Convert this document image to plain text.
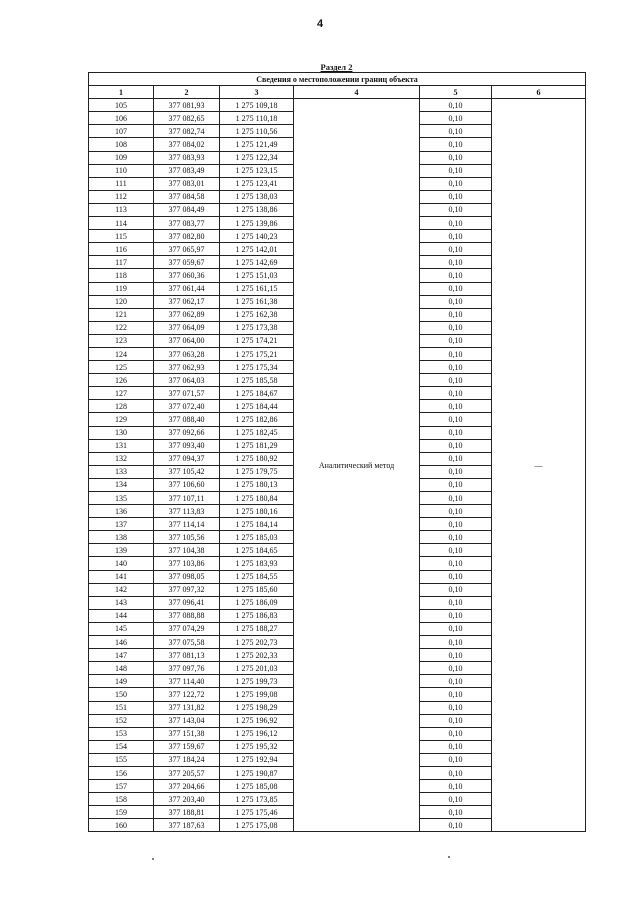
4
Раздел 2
Сведения о местоположении границ объекта					
1	2	3	4	5	6
105	377 081,93	1 275 109,18	Аналитический метод	0,10	—
106	377 082,65	1 275 110,18		0,10	
107	377 082,74	1 275 110,56		0,10	
108	377 084,02	1 275 121,49		0,10	
109	377 083,93	1 275 122,34		0,10	
110	377 083,49	1 275 123,15		0,10	
111	377 083,01	1 275 123,41		0,10	
112	377 084,58	1 275 138,03		0,10	
113	377 084,49	1 275 138,86		0,10	
114	377 083,77	1 275 139,86		0,10	
115	377 082,80	1 275 140,23		0,10	
116	377 065,97	1 275 142,01		0,10	
117	377 059,67	1 275 142,69		0,10	
118	377 060,36	1 275 151,03		0,10	
119	377 061,44	1 275 161,15		0,10	
120	377 062,17	1 275 161,38		0,10	
121	377 062,89	1 275 162,38		0,10	
122	377 064,09	1 275 173,38		0,10	
123	377 064,00	1 275 174,21		0,10	
124	377 063,28	1 275 175,21		0,10	
125	377 062,93	1 275 175,34		0,10	
126	377 064,03	1 275 185,58		0,10	
127	377 071,57	1 275 184,67		0,10	
128	377 072,40	1 275 184,44		0,10	
129	377 088,40	1 275 182,86		0,10	
130	377 092,66	1 275 182,45		0,10	
131	377 093,40	1 275 181,29		0,10	
132	377 094,37	1 275 180,92		0,10	
133	377 105,42	1 275 179,75		0,10	
134	377 106,60	1 275 180,13		0,10	
135	377 107,11	1 275 180,84		0,10	
136	377 113,83	1 275 180,16		0,10	
137	377 114,14	1 275 184,14		0,10	
138	377 105,56	1 275 185,03		0,10	
139	377 104,38	1 275 184,65		0,10	
140	377 103,86	1 275 183,93		0,10	
141	377 098,05	1 275 184,55		0,10	
142	377 097,32	1 275 185,60		0,10	
143	377 096,41	1 275 186,09		0,10	
144	377 088,88	1 275 186,83		0,10	
145	377 074,29	1 275 188,27		0,10	
146	377 075,58	1 275 202,73		0,10	
147	377 081,13	1 275 202,33		0,10	
148	377 097,76	1 275 201,03		0,10	
149	377 114,40	1 275 199,73		0,10	
150	377 122,72	1 275 199,08		0,10	
151	377 131,82	1 275 198,29		0,10	
152	377 143,04	1 275 196,92		0,10	
153	377 151,38	1 275 196,12		0,10	
154	377 159,67	1 275 195,32		0,10	
155	377 184,24	1 275 192,94		0,10	
156	377 205,57	1 275 190,87		0,10	
157	377 204,66	1 275 185,08		0,10	
158	377 203,40	1 275 173,85		0,10	
159	377 188,81	1 275 175,46		0,10	
160	377 187,63	1 275 175,08		0,10	
